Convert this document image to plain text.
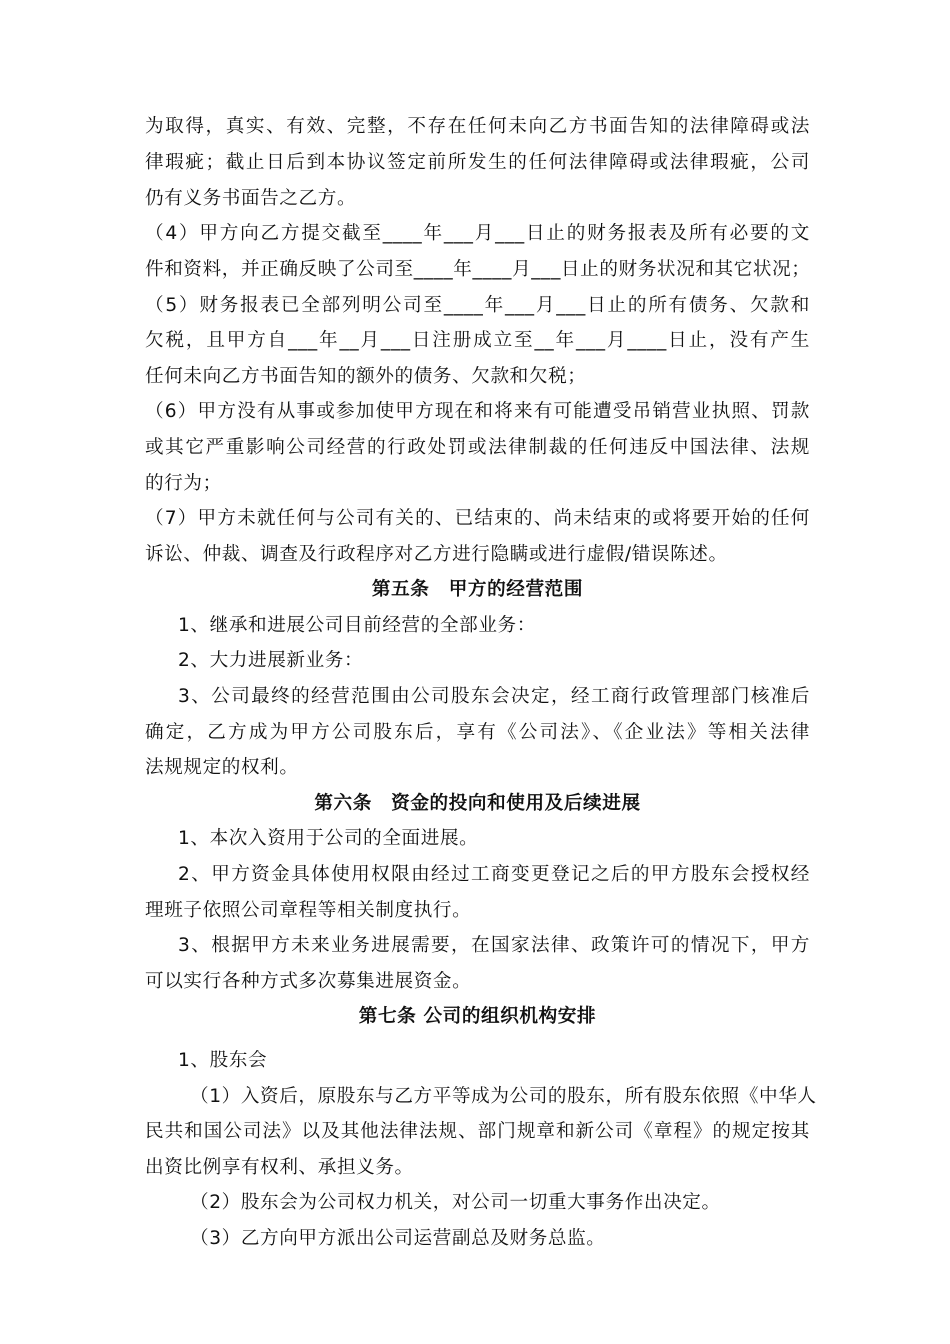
为取得，真实、有效、完整，不存在任何未向乙方书面告知的法律障碍或法
律瑕疵；截止日后到本协议签定前所发生的任何法律障碍或法律瑕疵，公司
仍有义务书面告之乙方。
（4）甲方向乙方提交截至____年___月___日止的财务报表及所有必要的文
件和资料，并正确反映了公司至____年____月___日止的财务状况和其它状况；
（5）财务报表已全部列明公司至____年___月___日止的所有债务、欠款和
欠税，且甲方自___年__月___日注册成立至__年___月____日止，没有产生
任何未向乙方书面告知的额外的债务、欠款和欠税；
（6）甲方没有从事或参加使甲方现在和将来有可能遭受吊销营业执照、罚款
或其它严重影响公司经营的行政处罚或法律制裁的任何违反中国法律、法规
的行为；
（7）甲方未就任何与公司有关的、已结束的、尚未结束的或将要开始的任何
诉讼、仲裁、调查及行政程序对乙方进行隐瞒或进行虚假/错误陈述。
第五条　甲方的经营范围
1、继承和进展公司目前经营的全部业务：
2、大力进展新业务：
3、公司最终的经营范围由公司股东会决定，经工商行政管理部门核准后
确定，乙方成为甲方公司股东后，享有《公司法》、《企业法》等相关法律
法规规定的权利。
第六条　资金的投向和使用及后续进展
1、本次入资用于公司的全面进展。
2、甲方资金具体使用权限由经过工商变更登记之后的甲方股东会授权经
理班子依照公司章程等相关制度执行。
3、根据甲方未来业务进展需要，在国家法律、政策许可的情况下，甲方
可以实行各种方式多次募集进展资金。
第七条 公司的组织机构安排
1、股东会
（1）入资后，原股东与乙方平等成为公司的股东，所有股东依照《中华人
民共和国公司法》以及其他法律法规、部门规章和新公司《章程》的规定按其
出资比例享有权利、承担义务。
（2）股东会为公司权力机关，对公司一切重大事务作出决定。
（3）乙方向甲方派出公司运营副总及财务总监。
